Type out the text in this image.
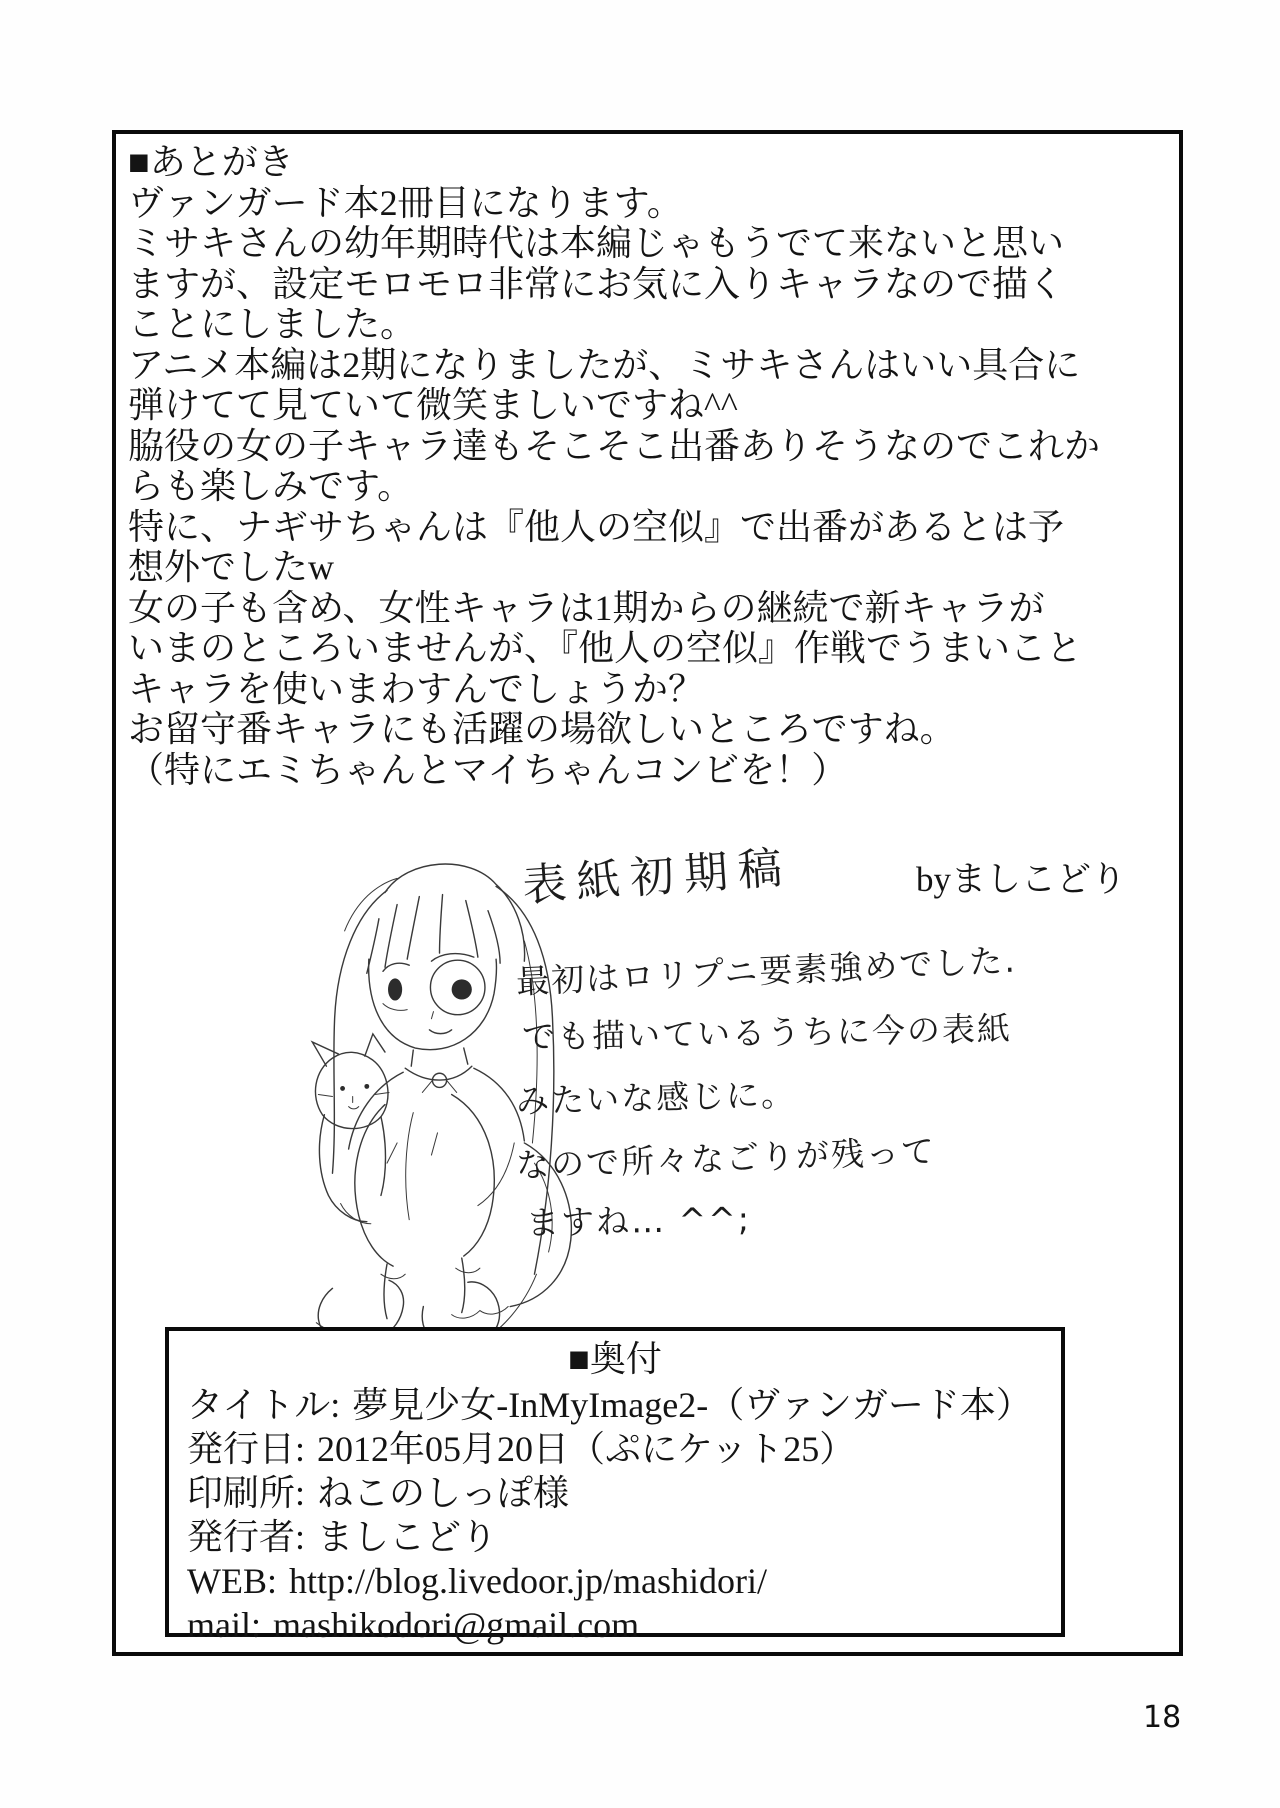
■あとがき
ヴァンガード本2冊目になります。
ミサキさんの幼年期時代は本編じゃもうでて来ないと思い
ますが、設定モロモロ非常にお気に入りキャラなので描く
ことにしました。
アニメ本編は2期になりましたが、ミサキさんはいい具合に
弾けてて見ていて微笑ましいですね^^
脇役の女の子キャラ達もそこそこ出番ありそうなのでこれか
らも楽しみです。
特に、ナギサちゃんは『他人の空似』で出番があるとは予
想外でしたw
女の子も含め、女性キャラは1期からの継続で新キャラが
いまのところいませんが、『他人の空似』作戦でうまいこと
キャラを使いまわすんでしょうか？
お留守番キャラにも活躍の場欲しいところですね。
（特にエミちゃんとマイちゃんコンビを！）
表紙初期稿	byましこどり
最初はロリプニ要素強めでした.
でも描いているうちに今の表紙
みたいな感じに。
なので所々なごりが残って
ますね… ^^;
■奥付
タイトル: 夢見少女-InMyImage2-（ヴァンガード本）
発行日: 2012年05月20日（ぷにケット25）
印刷所: ねこのしっぽ様
発行者: ましこどり
WEB: http://blog.livedoor.jp/mashidori/
mail: mashikodori@gmail.com
18
